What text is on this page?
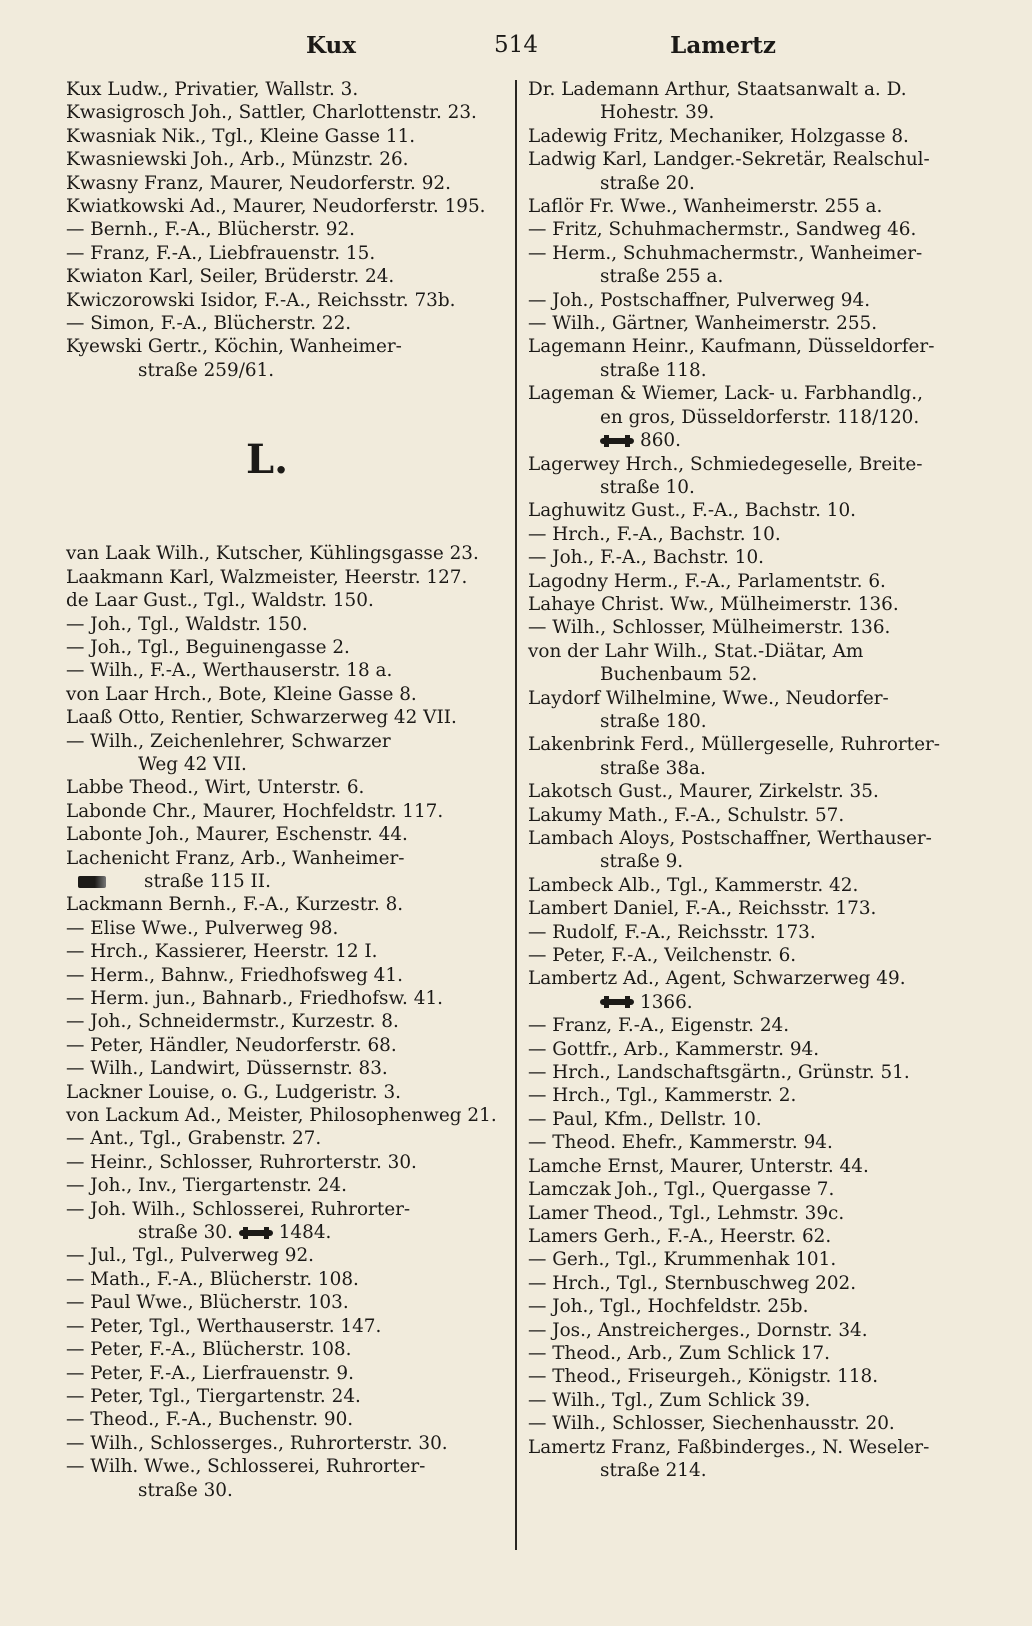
Kux	514	Lamertz
Kux Ludw., Privatier, Wallstr. 3.
Kwasigrosch Joh., Sattler, Charlottenstr. 23.
Kwasniak Nik., Tgl., Kleine Gasse 11.
Kwasniewski Joh., Arb., Münzstr. 26.
Kwasny Franz, Maurer, Neudorferstr. 92.
Kwiatkowski Ad., Maurer, Neudorferstr. 195.
— Bernh., F.-A., Blücherstr. 92.
— Franz, F.-A., Liebfrauenstr. 15.
Kwiaton Karl, Seiler, Brüderstr. 24.
Kwiczorowski Isidor, F.-A., Reichsstr. 73b.
— Simon, F.-A., Blücherstr. 22.
Kyewski Gertr., Köchin, Wanheimer-
straße 259/61.
L.
van Laak Wilh., Kutscher, Kühlingsgasse 23.
Laakmann Karl, Walzmeister, Heerstr. 127.
de Laar Gust., Tgl., Waldstr. 150.
— Joh., Tgl., Waldstr. 150.
— Joh., Tgl., Beguinengasse 2.
— Wilh., F.-A., Werthauserstr. 18 a.
von Laar Hrch., Bote, Kleine Gasse 8.
Laaß Otto, Rentier, Schwarzerweg 42 VII.
— Wilh., Zeichenlehrer, Schwarzer
Weg 42 VII.
Labbe Theod., Wirt, Unterstr. 6.
Labonde Chr., Maurer, Hochfeldstr. 117.
Labonte Joh., Maurer, Eschenstr. 44.
Lachenicht Franz, Arb., Wanheimer-
straße 115 II.
Lackmann Bernh., F.-A., Kurzestr. 8.
— Elise Wwe., Pulverweg 98.
— Hrch., Kassierer, Heerstr. 12 I.
— Herm., Bahnw., Friedhofsweg 41.
— Herm. jun., Bahnarb., Friedhofsw. 41.
— Joh., Schneidermstr., Kurzestr. 8.
— Peter, Händler, Neudorferstr. 68.
— Wilh., Landwirt, Düssernstr. 83.
Lackner Louise, o. G., Ludgeristr. 3.
von Lackum Ad., Meister, Philosophenweg 21.
— Ant., Tgl., Grabenstr. 27.
— Heinr., Schlosser, Ruhrorterstr. 30.
— Joh., Inv., Tiergartenstr. 24.
— Joh. Wilh., Schlosserei, Ruhrorter-
straße 30. 1484.
— Jul., Tgl., Pulverweg 92.
— Math., F.-A., Blücherstr. 108.
— Paul Wwe., Blücherstr. 103.
— Peter, Tgl., Werthauserstr. 147.
— Peter, F.-A., Blücherstr. 108.
— Peter, F.-A., Lierfrauenstr. 9.
— Peter, Tgl., Tiergartenstr. 24.
— Theod., F.-A., Buchenstr. 90.
— Wilh., Schlosserges., Ruhrorterstr. 30.
— Wilh. Wwe., Schlosserei, Ruhrorter-
straße 30.
Dr. Lademann Arthur, Staatsanwalt a. D.
Hohestr. 39.
Ladewig Fritz, Mechaniker, Holzgasse 8.
Ladwig Karl, Landger.-Sekretär, Realschul-
straße 20.
Laflör Fr. Wwe., Wanheimerstr. 255 a.
— Fritz, Schuhmachermstr., Sandweg 46.
— Herm., Schuhmachermstr., Wanheimer-
straße 255 a.
— Joh., Postschaffner, Pulverweg 94.
— Wilh., Gärtner, Wanheimerstr. 255.
Lagemann Heinr., Kaufmann, Düsseldorfer-
straße 118.
Lageman & Wiemer, Lack- u. Farbhandlg.,
en gros, Düsseldorferstr. 118/120.
860.
Lagerwey Hrch., Schmiedegeselle, Breite-
straße 10.
Laghuwitz Gust., F.-A., Bachstr. 10.
— Hrch., F.-A., Bachstr. 10.
— Joh., F.-A., Bachstr. 10.
Lagodny Herm., F.-A., Parlamentstr. 6.
Lahaye Christ. Ww., Mülheimerstr. 136.
— Wilh., Schlosser, Mülheimerstr. 136.
von der Lahr Wilh., Stat.-Diätar, Am
Buchenbaum 52.
Laydorf Wilhelmine, Wwe., Neudorfer-
straße 180.
Lakenbrink Ferd., Müllergeselle, Ruhrorter-
straße 38a.
Lakotsch Gust., Maurer, Zirkelstr. 35.
Lakumy Math., F.-A., Schulstr. 57.
Lambach Aloys, Postschaffner, Werthauser-
straße 9.
Lambeck Alb., Tgl., Kammerstr. 42.
Lambert Daniel, F.-A., Reichsstr. 173.
— Rudolf, F.-A., Reichsstr. 173.
— Peter, F.-A., Veilchenstr. 6.
Lambertz Ad., Agent, Schwarzerweg 49.
1366.
— Franz, F.-A., Eigenstr. 24.
— Gottfr., Arb., Kammerstr. 94.
— Hrch., Landschaftsgärtn., Grünstr. 51.
— Hrch., Tgl., Kammerstr. 2.
— Paul, Kfm., Dellstr. 10.
— Theod. Ehefr., Kammerstr. 94.
Lamche Ernst, Maurer, Unterstr. 44.
Lamczak Joh., Tgl., Quergasse 7.
Lamer Theod., Tgl., Lehmstr. 39c.
Lamers Gerh., F.-A., Heerstr. 62.
— Gerh., Tgl., Krummenhak 101.
— Hrch., Tgl., Sternbuschweg 202.
— Joh., Tgl., Hochfeldstr. 25b.
— Jos., Anstreicherges., Dornstr. 34.
— Theod., Arb., Zum Schlick 17.
— Theod., Friseurgeh., Königstr. 118.
— Wilh., Tgl., Zum Schlick 39.
— Wilh., Schlosser, Siechenhausstr. 20.
Lamertz Franz, Faßbinderges., N. Weseler-
straße 214.
